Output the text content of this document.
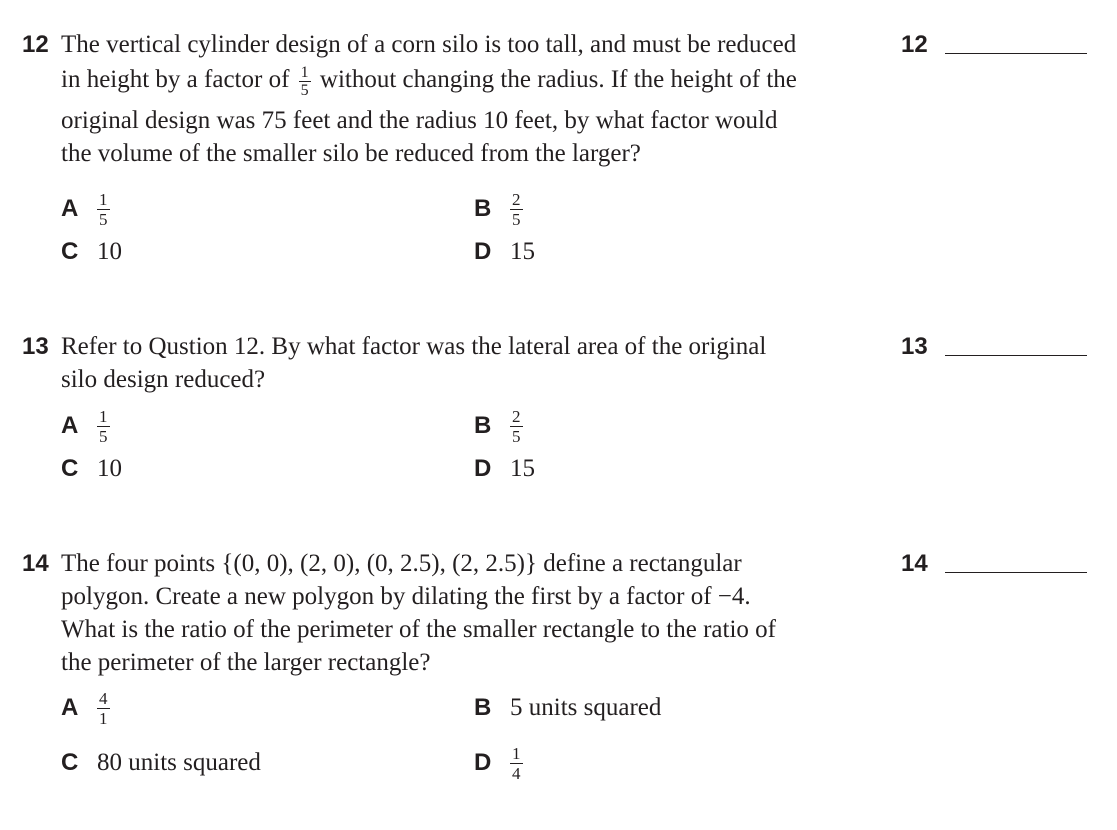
12 The vertical cylinder design of a corn silo is too tall, and must be reduced
in height by a factor of $\frac{1}{5}$ without changing the radius. If the height of the
original design was 75 feet and the radius 10 feet, by what factor would
the volume of the smaller silo be reduced from the larger?
12
A	$\frac{1}{5}$	B	$\frac{2}{5}$
C 10	D 15
13 Refer to Qustion 12. By what factor was the lateral area of the original
silo design reduced?
13
A	$\frac{1}{5}$	B	$\frac{2}{5}$
C 10	D 15
14 The four points {(0, 0), (2, 0), (0, 2.5), (2, 2.5)} define a rectangular
polygon. Create a new polygon by dilating the first by a factor of −4.
What is the ratio of the perimeter of the smaller rectangle to the ratio of
the perimeter of the larger rectangle?
14
A	$\frac{4}{1}$	B 5 units squared
C 80 units squared	D	$\frac{1}{4}$
